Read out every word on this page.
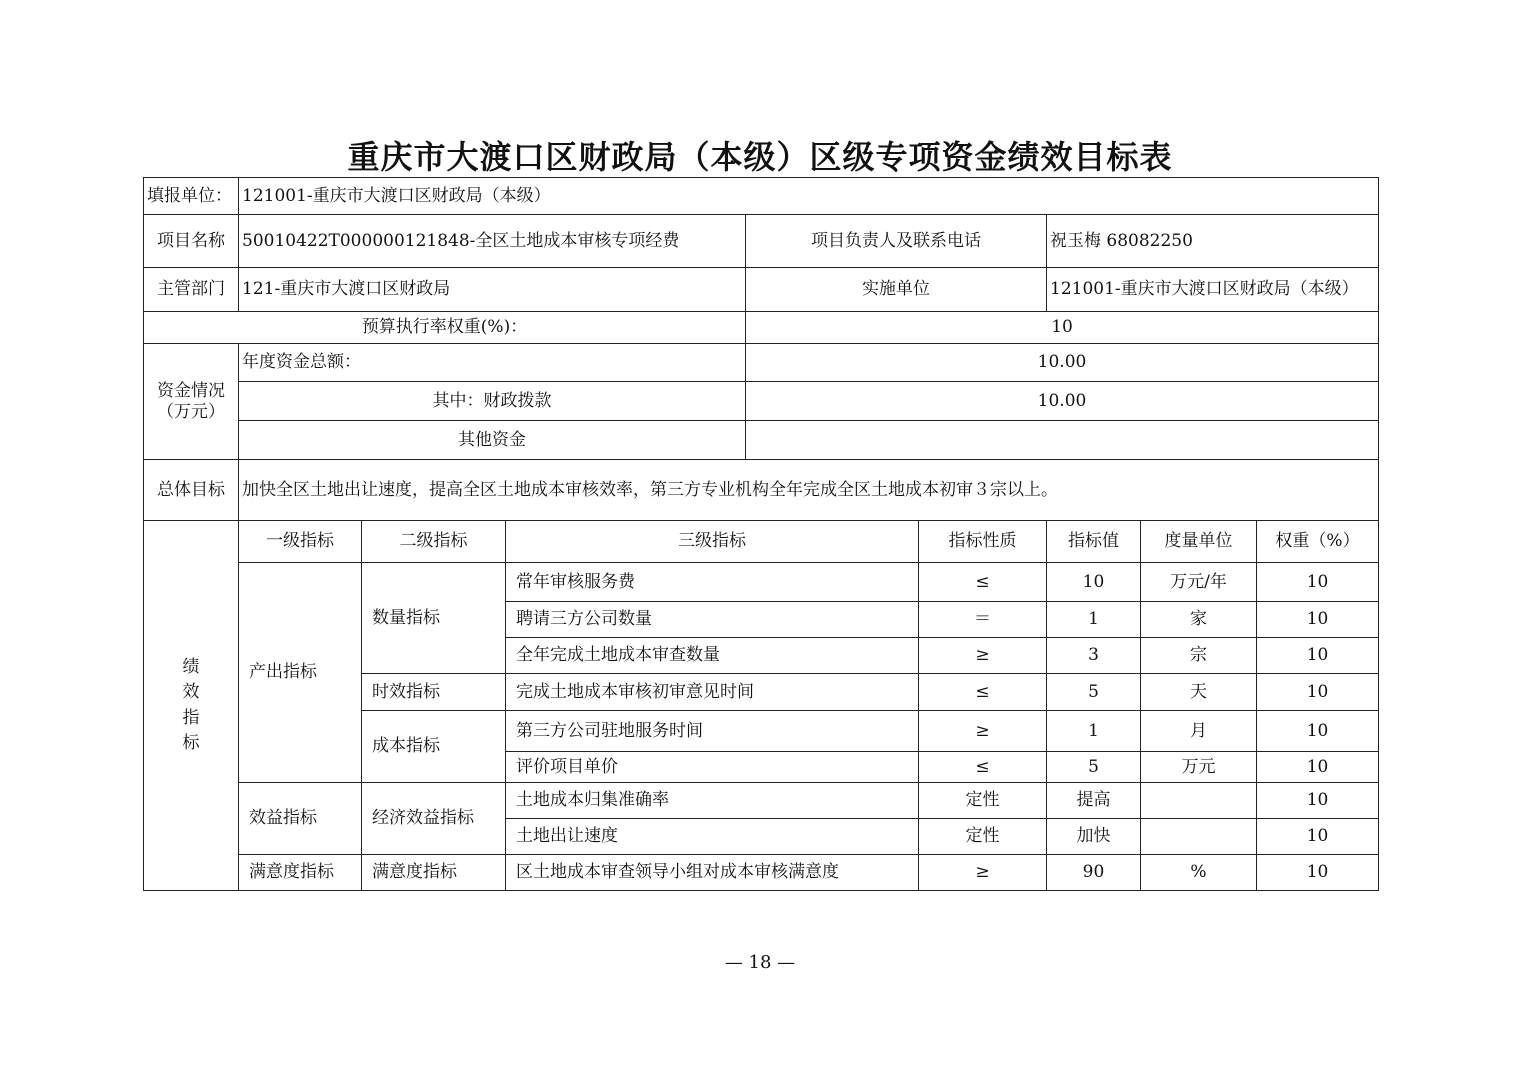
重庆市大渡口区财政局（本级）区级专项资金绩效目标表
填报单位：	121001-重庆市大渡口区财政局（本级）							
项目名称	50010422T000000121848-全区土地成本审核专项经费			项目负责人及联系电话		祝玉梅 68082250		
主管部门	121-重庆市大渡口区财政局			实施单位		121001-重庆市大渡口区财政局（本级）		
预算执行率权重(%)：				10				
资金情况（万元）	年度资金总额：			10.00				
	其中：财政拨款			10.00				
	其他资金							
总体目标	加快全区土地出让速度，提高全区土地成本审核效率，第三方专业机构全年完成全区土地成本初审３宗以上。							
绩效指标	一级指标	二级指标	三级指标		指标性质	指标值	度量单位	权重（%）
	产出指标	数量指标	常年审核服务费		≤	10	万元/年	10
			聘请三方公司数量		＝	1	家	10
			全年完成土地成本审查数量		≥	3	宗	10
		时效指标	完成土地成本审核初审意见时间		≤	5	天	10
		成本指标	第三方公司驻地服务时间		≥	1	月	10
			评价项目单价		≤	5	万元	10
	效益指标	经济效益指标	土地成本归集准确率		定性	提高		10
			土地出让速度		定性	加快		10
	满意度指标	满意度指标	区土地成本审查领导小组对成本审核满意度		≥	90	%	10
— 18 —
